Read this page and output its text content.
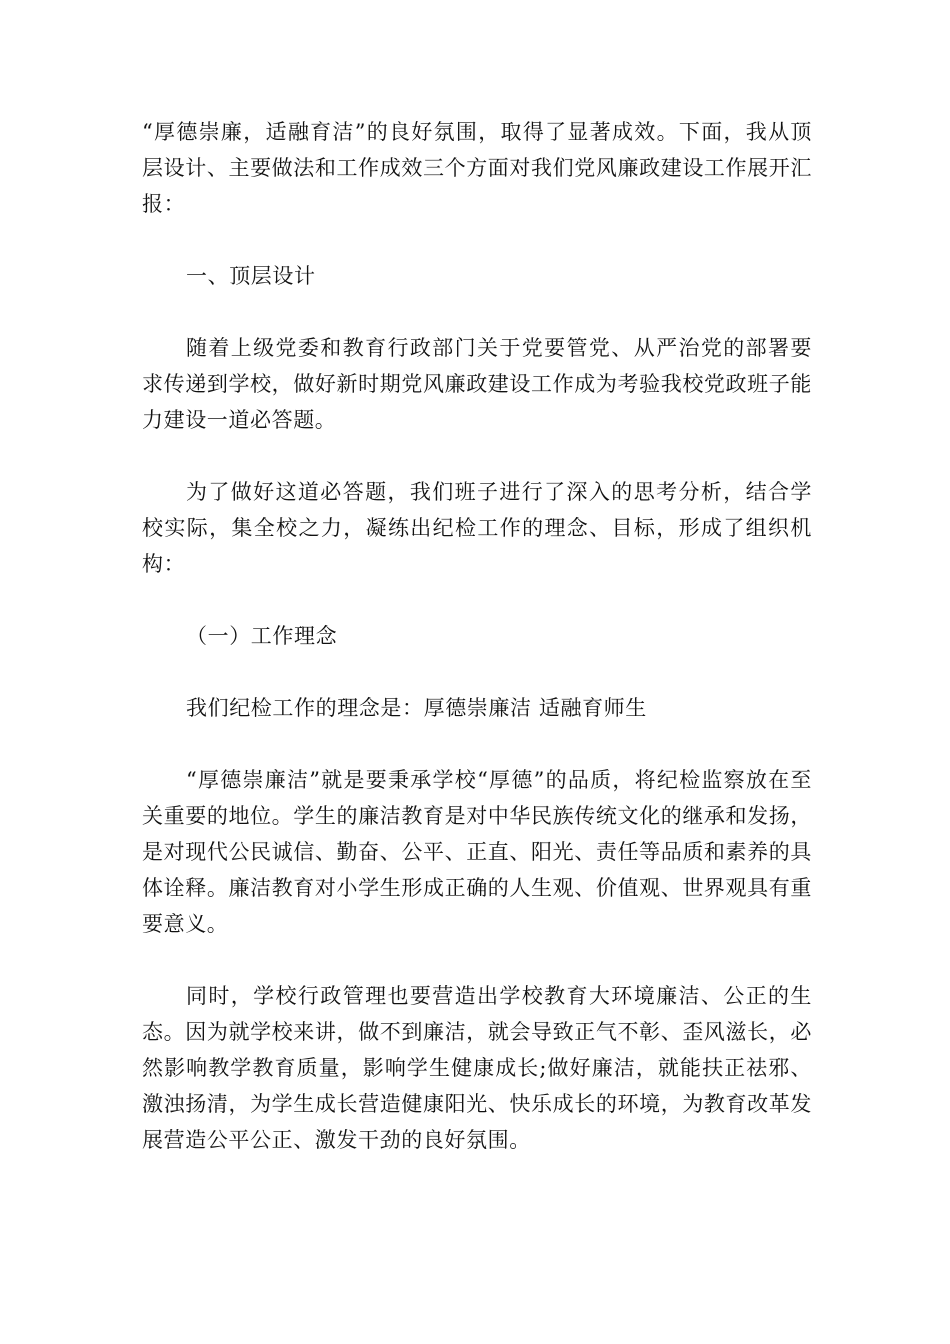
“厚德崇廉，适融育洁”的良好氛围，取得了显著成效。下面，我从顶层设计、主要做法和工作成效三个方面对我们党风廉政建设工作展开汇报：

一、顶层设计

随着上级党委和教育行政部门关于党要管党、从严治党的部署要求传递到学校，做好新时期党风廉政建设工作成为考验我校党政班子能力建设一道必答题。

为了做好这道必答题，我们班子进行了深入的思考分析，结合学校实际，集全校之力，凝练出纪检工作的理念、目标，形成了组织机构：

（一）工作理念

我们纪检工作的理念是：厚德崇廉洁 适融育师生

“厚德崇廉洁”就是要秉承学校“厚德”的品质，将纪检监察放在至关重要的地位。学生的廉洁教育是对中华民族传统文化的继承和发扬，是对现代公民诚信、勤奋、公平、正直、阳光、责任等品质和素养的具体诠释。廉洁教育对小学生形成正确的人生观、价值观、世界观具有重要意义。

同时，学校行政管理也要营造出学校教育大环境廉洁、公正的生态。因为就学校来讲，做不到廉洁，就会导致正气不彰、歪风滋长，必然影响教学教育质量，影响学生健康成长;做好廉洁，就能扶正祛邪、激浊扬清，为学生成长营造健康阳光、快乐成长的环境，为教育改革发展营造公平公正、激发干劲的良好氛围。
